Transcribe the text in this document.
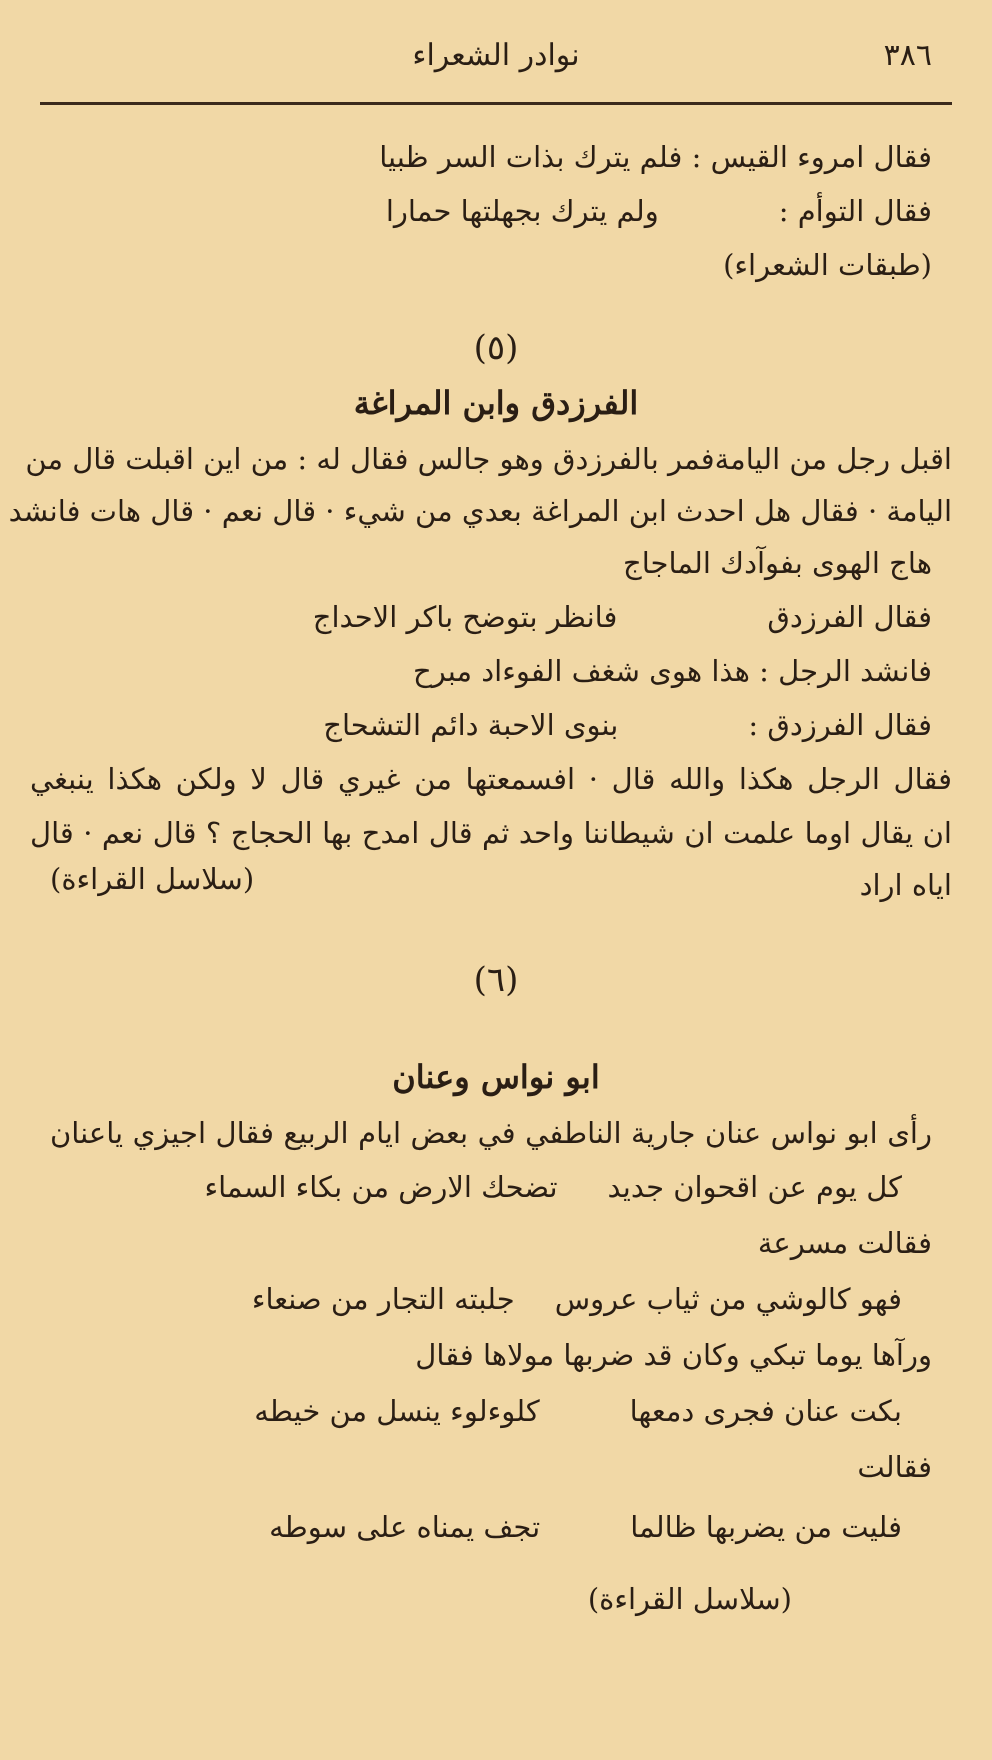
٣٨٦
نوادر الشعراء
فقال امروء القيس : فلم يترك بذات السر ظبيا
فقال التوأم :ولم يترك بجهلتها حمارا
(طبقات الشعراء)
(٥)
الفرزدق وابن المراغة
اقبل رجل من اليامةفمر بالفرزدق وهو جالس فقال له : من اين اقبلت قال من
اليامة · فقال هل احدث ابن المراغة بعدي من شيء · قال نعم · قال هات فانشد
هاج الهوى بفوآدك الماجاج
فقال الفرزدقفانظر بتوضح باكر الاحداج
فانشد الرجل : هذا هوى شغف الفوءاد مبرح
فقال الفرزدق :بنوى الاحبة دائم التشحاج
فقال الرجل هكذا والله قال · افسمعتها من غيري قال لا ولكن هكذا ينبغي
ان يقال اوما علمت ان شيطاننا واحد ثم قال امدح بها الحجاج ؟ قال نعم · قال
اياه اراد
(سلاسل القراءة)
(٦)
ابو نواس وعنان
رأى ابو نواس عنان جارية الناطفي في بعض ايام الربيع فقال اجيزي ياعنان
كل يوم عن اقحوان جديدتضحك الارض من بكاء السماء
فقالت مسرعة
فهو كالوشي من ثياب عروسجلبته التجار من صنعاء
ورآها يوما تبكي وكان قد ضربها مولاها فقال
بكت عنان فجرى دمعهاكلوءلوء ينسل من خيطه
فقالت
فليت من يضربها ظالماتجف يمناه على سوطه
(سلاسل القراءة)
